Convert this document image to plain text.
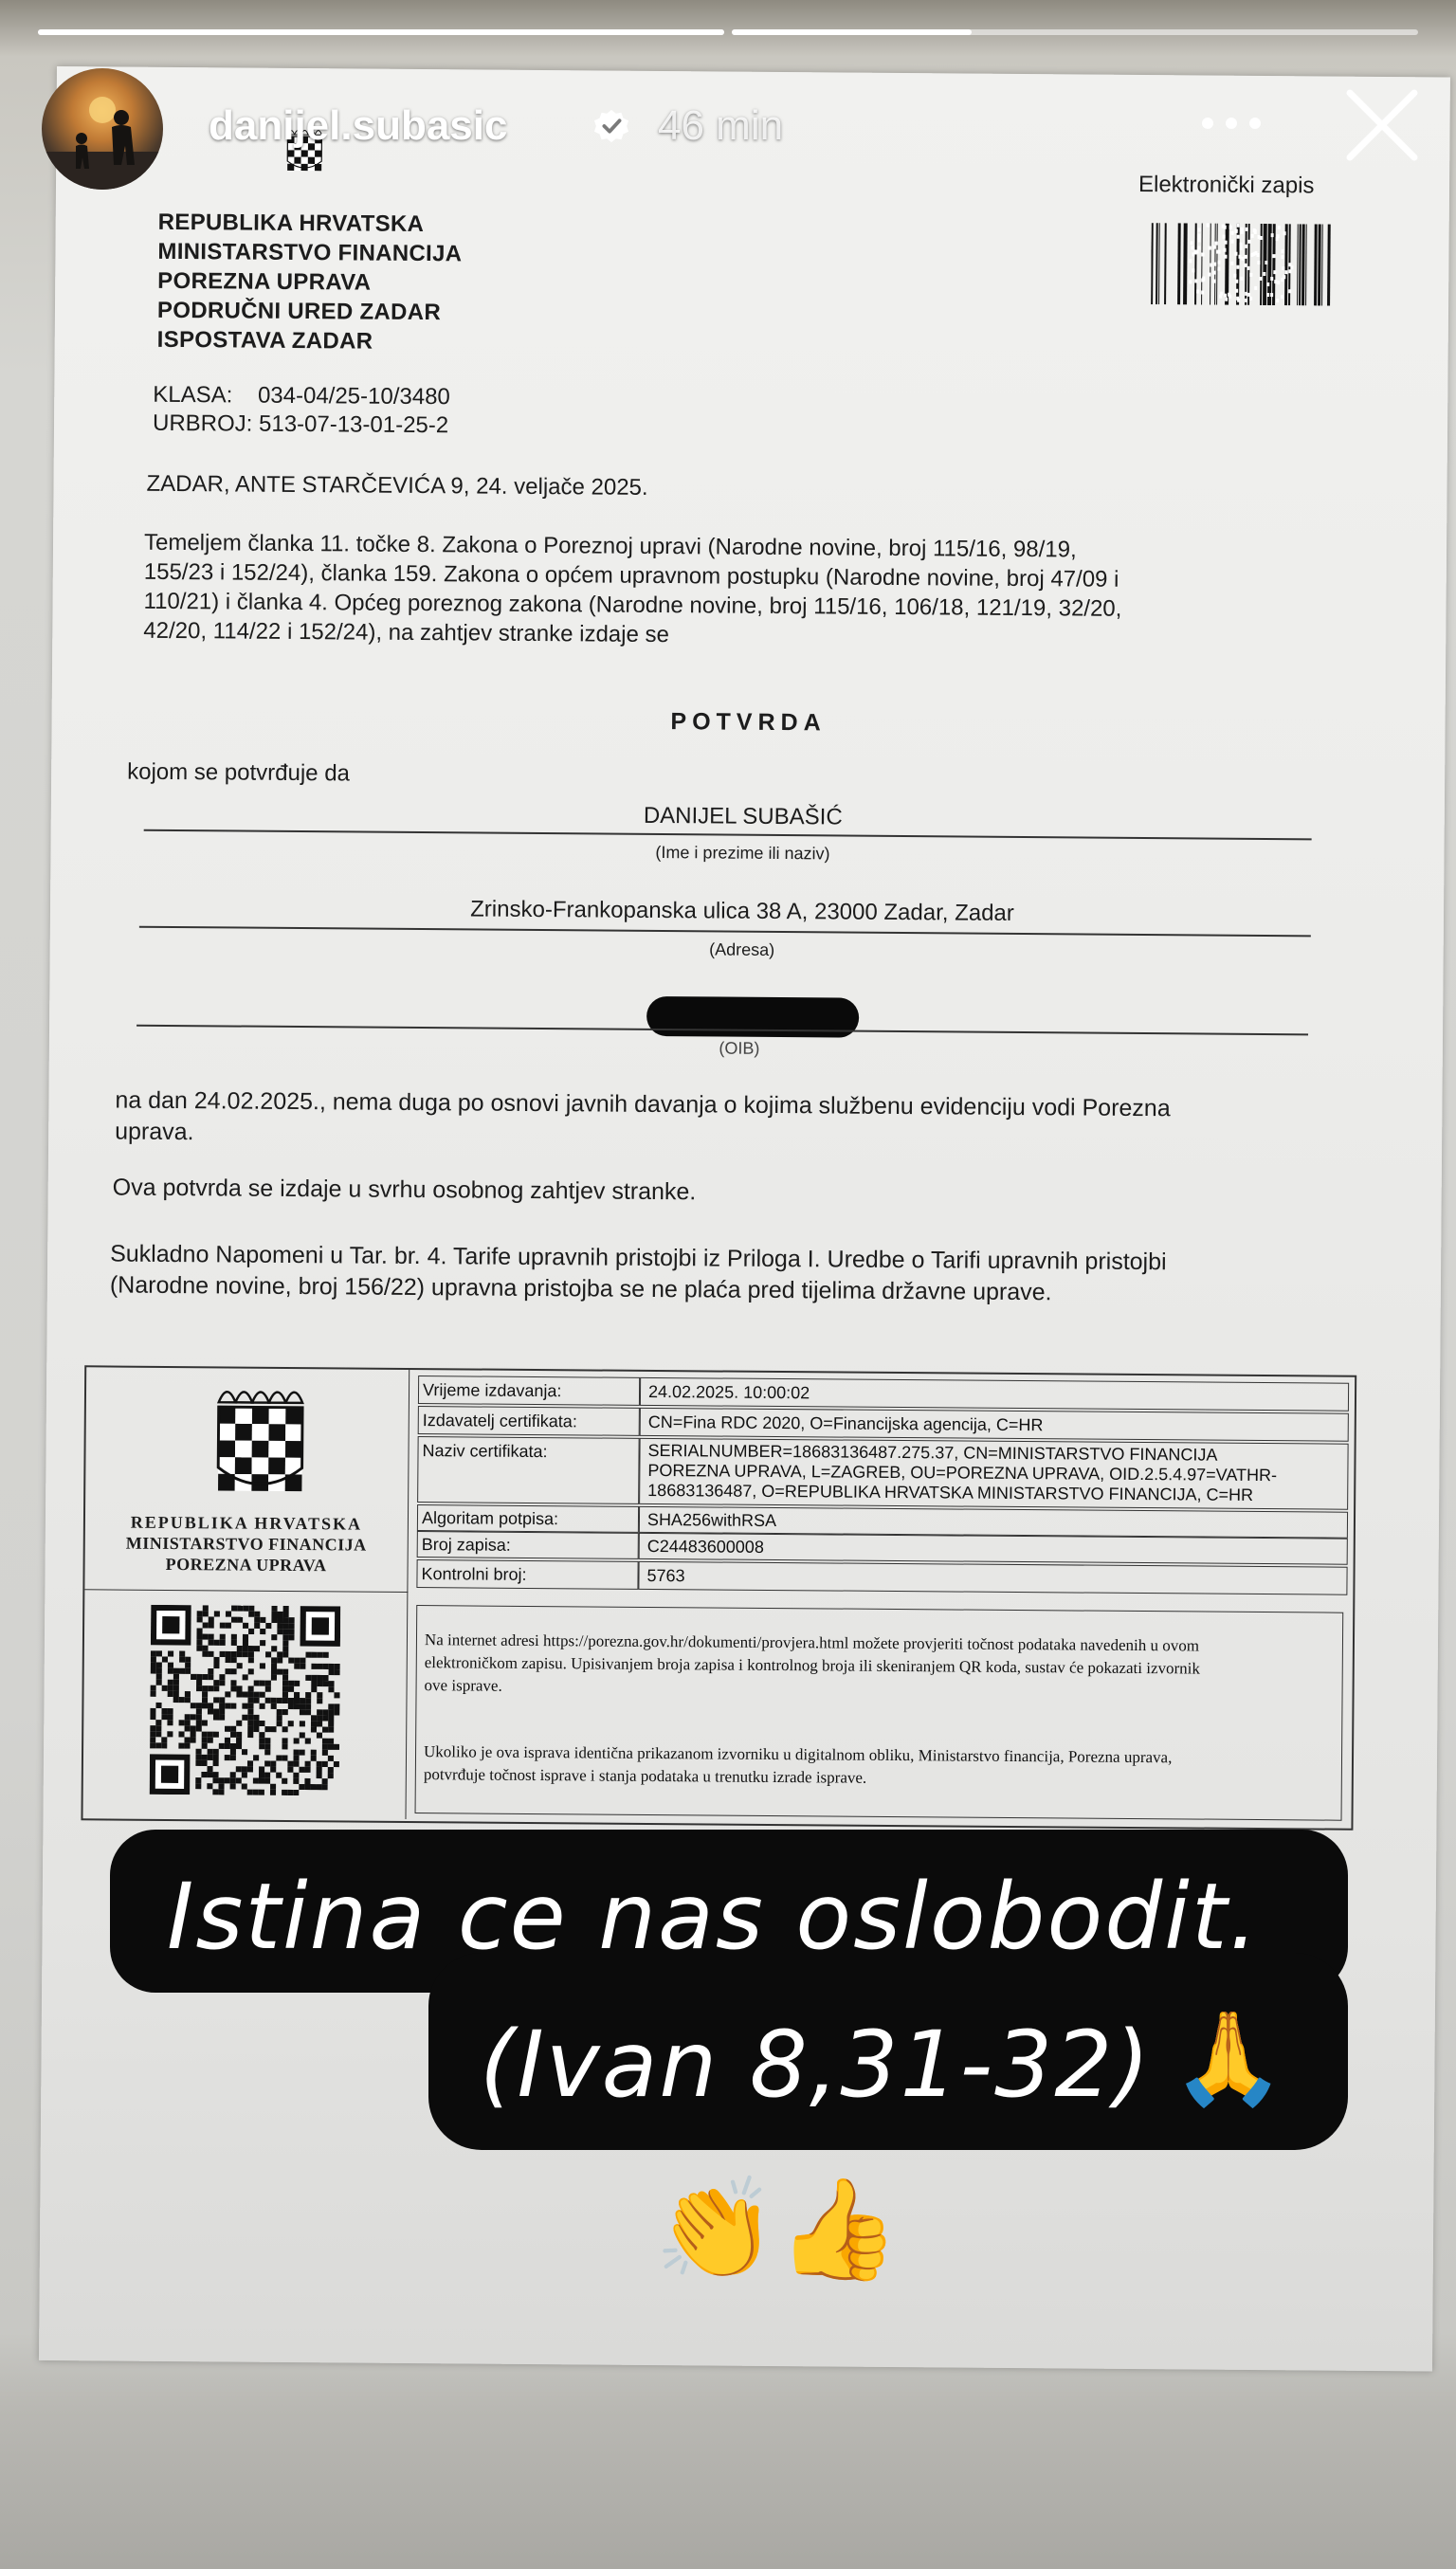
Elektronički zapis
REPUBLIKA HRVATSKA
MINISTARSTVO FINANCIJA
POREZNA UPRAVA
PODRUČNI URED ZADAR
ISPOSTAVA ZADAR
KLASA:    034-04/25-10/3480
URBROJ: 513-07-13-01-25-2
ZADAR, ANTE STARČEVIĆA 9, 24. veljače 2025.
Temeljem članka 11. točke 8. Zakona o Poreznoj upravi (Narodne novine, broj 115/16, 98/19,
155/23 i 152/24), članka 159. Zakona o općem upravnom postupku (Narodne novine, broj 47/09 i
110/21) i članka 4. Općeg poreznog zakona (Narodne novine, broj 115/16, 106/18, 121/19, 32/20,
42/20, 114/22 i 152/24), na zahtjev stranke izdaje se
POTVRDA
kojom se potvrđuje da
DANIJEL SUBAŠIĆ
(Ime i prezime ili naziv)
Zrinsko-Frankopanska ulica 38 A, 23000 Zadar, Zadar
(Adresa)
(OIB)
na dan 24.02.2025., nema duga po osnovi javnih davanja o kojima službenu evidenciju vodi Porezna
uprava.
Ova potvrda se izdaje u svrhu osobnog zahtjev stranke.
Sukladno Napomeni u Tar. br. 4. Tarife upravnih pristojbi iz Priloga I. Uredbe o Tarifi upravnih pristojbi
(Narodne novine, broj 156/22) upravna pristojba se ne plaća pred tijelima državne uprave.
REPUBLIKA HRVATSKA
MINISTARSTVO FINANCIJA
POREZNA UPRAVA
Vrijeme izdavanja:	24.02.2025. 10:00:02
Izdavatelj certifikata:	CN=Fina RDC 2020, O=Financijska agencija, C=HR
Naziv certifikata:	SERIALNUMBER=18683136487.275.37, CN=MINISTARSTVO FINANCIJA
POREZNA UPRAVA, L=ZAGREB, OU=POREZNA UPRAVA, OID.2.5.4.97=VATHR-
18683136487, O=REPUBLIKA HRVATSKA MINISTARSTVO FINANCIJA, C=HR
Algoritam potpisa:	SHA256withRSA
Broj zapisa:	C24483600008
Kontrolni broj:	5763
Na internet adresi https://porezna.gov.hr/dokumenti/provjera.html možete provjeriti točnost podataka navedenih u ovom
elektroničkom zapisu. Upisivanjem broja zapisa i kontrolnog broja ili skeniranjem QR koda, sustav će pokazati izvornik
ove isprave.
Ukoliko je ova isprava identična prikazanom izvorniku u digitalnom obliku, Ministarstvo financija, Porezna uprava,
potvrđuje točnost isprave i stanja podataka u trenutku izrade isprave.
danijel.subasic	46 min
Istina ce nas oslobodit.
(Ivan 8,31-32) 🙏
👏👍
